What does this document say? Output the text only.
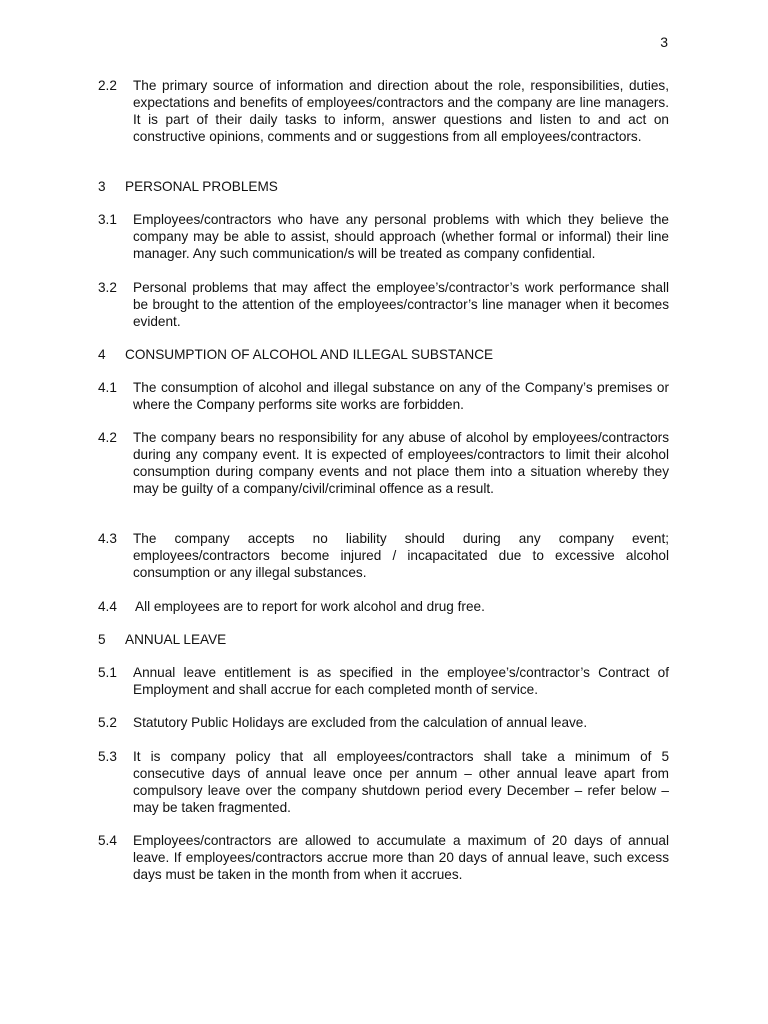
3
2.2 The primary source of information and direction about the role, responsibilities, duties, expectations and benefits of employees/contractors and the company are line managers. It is part of their daily tasks to inform, answer questions and listen to and act on constructive opinions, comments and or suggestions from all employees/contractors.
3 PERSONAL PROBLEMS
3.1 Employees/contractors who have any personal problems with which they believe the company may be able to assist, should approach (whether formal or informal) their line manager. Any such communication/s will be treated as company confidential.
3.2 Personal problems that may affect the employee’s/contractor’s work performance shall be brought to the attention of the employees/contractor’s line manager when it becomes evident.
4 CONSUMPTION OF ALCOHOL AND ILLEGAL SUBSTANCE
4.1 The consumption of alcohol and illegal substance on any of the Company’s premises or where the Company performs site works are forbidden.
4.2 The company bears no responsibility for any abuse of alcohol by employees/contractors during any company event. It is expected of employees/contractors to limit their alcohol consumption during company events and not place them into a situation whereby they may be guilty of a company/civil/criminal offence as a result.
4.3 The company accepts no liability should during any company event; employees/contractors become injured / incapacitated due to excessive alcohol consumption or any illegal substances.
4.4 All employees are to report for work alcohol and drug free.
5 ANNUAL LEAVE
5.1 Annual leave entitlement is as specified in the employee’s/contractor’s Contract of Employment and shall accrue for each completed month of service.
5.2 Statutory Public Holidays are excluded from the calculation of annual leave.
5.3 It is company policy that all employees/contractors shall take a minimum of 5 consecutive days of annual leave once per annum – other annual leave apart from compulsory leave over the company shutdown period every December – refer below – may be taken fragmented.
5.4 Employees/contractors are allowed to accumulate a maximum of 20 days of annual leave. If employees/contractors accrue more than 20 days of annual leave, such excess days must be taken in the month from when it accrues.
